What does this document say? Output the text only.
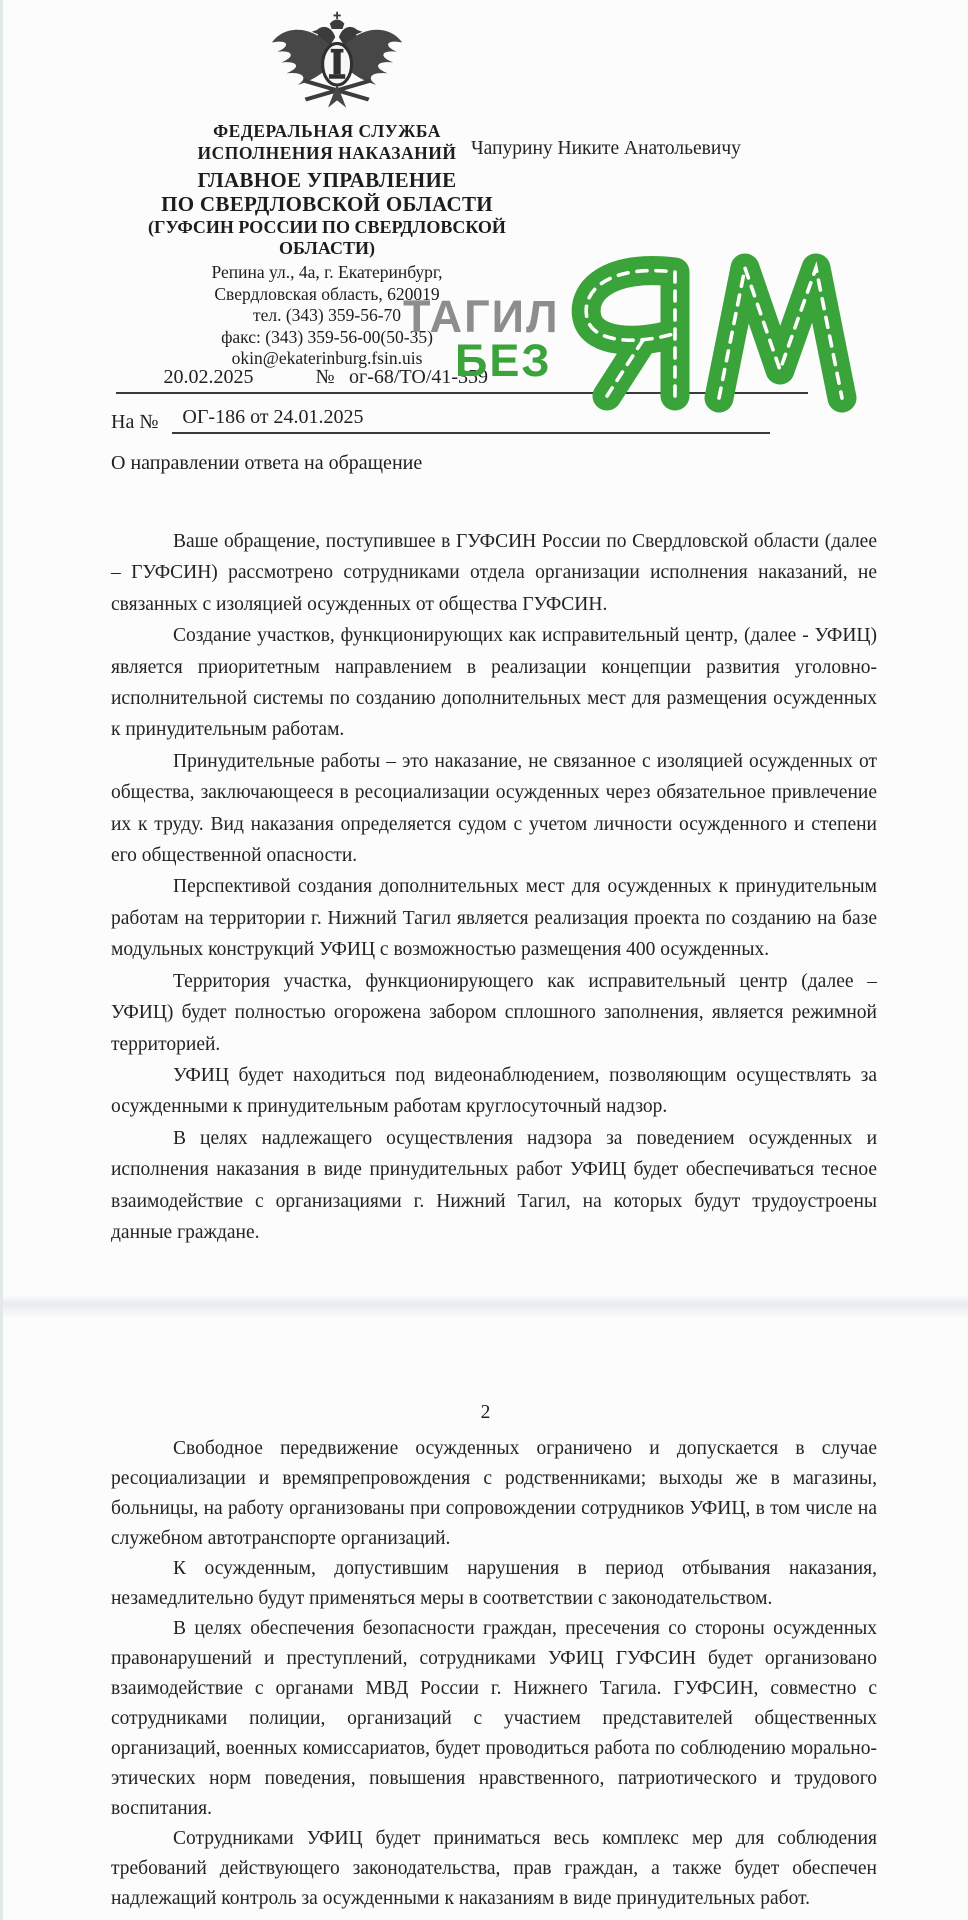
ФЕДЕРАЛЬНАЯ СЛУЖБА
ИСПОЛНЕНИЯ НАКАЗАНИЙ
ГЛАВНОЕ УПРАВЛЕНИЕ
ПО СВЕРДЛОВСКОЙ ОБЛАСТИ
(ГУФСИН РОССИИ ПО СВЕРДЛОВСКОЙ
ОБЛАСТИ)
Репина ул., 4а, г. Екатеринбург,
Свердловская область, 620019
тел. (343) 359-56-70
факс: (343) 359-56-00(50-35)
okin@ekaterinburg.fsin.uis
20.02.2025	№ ог-68/ТО/41-359
На №	ОГ-186 от 24.01.2025
Чапурину Никите Анатольевичу
ТАГИЛ
БЕЗ
О направлении ответа на обращение

Ваше обращение, поступившее в ГУФСИН России по Свердловской области (далее – ГУФСИН) рассмотрено сотрудниками отдела организации исполнения наказаний, не связанных с изоляцией осужденных от общества ГУФСИН.

Создание участков, функционирующих как исправительный центр, (далее - УФИЦ) является приоритетным направлением в реализации концепции развития уголовно-исполнительной системы по созданию дополнительных мест для размещения осужденных к принудительным работам.

Принудительные работы – это наказание, не связанное с изоляцией осужденных от общества, заключающееся в ресоциализации осужденных через обязательное привлечение их к труду. Вид наказания определяется судом с учетом личности осужденного и степени его общественной опасности.

Перспективой создания дополнительных мест для осужденных к принудительным работам на территории г. Нижний Тагил является реализация проекта по созданию на базе модульных конструкций УФИЦ с возможностью размещения 400 осужденных.

Территория участка, функционирующего как исправительный центр (далее – УФИЦ) будет полностью огорожена забором сплошного заполнения, является режимной территорией.

УФИЦ будет находиться под видеонаблюдением, позволяющим осуществлять за осужденными к принудительным работам круглосуточный надзор.

В целях надлежащего осуществления надзора за поведением осужденных и исполнения наказания в виде принудительных работ УФИЦ будет обеспечиваться тесное взаимодействие с организациями г. Нижний Тагил, на которых будут трудоустроены данные граждане.

2

Свободное передвижение осужденных ограничено и допускается в случае ресоциализации и времяпрепровождения с родственниками; выходы же в магазины, больницы, на работу организованы при сопровождении сотрудников УФИЦ, в том числе на служебном автотранспорте организаций.

К осужденным, допустившим нарушения в период отбывания наказания, незамедлительно будут применяться меры в соответствии с законодательством.

В целях обеспечения безопасности граждан, пресечения со стороны осужденных правонарушений и преступлений, сотрудниками УФИЦ ГУФСИН будет организовано взаимодействие с органами МВД России г. Нижнего Тагила. ГУФСИН, совместно с сотрудниками полиции, организаций с участием представителей общественных организаций, военных комиссариатов, будет проводиться работа по соблюдению морально-этических норм поведения, повышения нравственного, патриотического и трудового воспитания.

Сотрудниками УФИЦ будет приниматься весь комплекс мер для соблюдения требований действующего законодательства, прав граждан, а также будет обеспечен надлежащий контроль за осужденными к наказаниям в виде принудительных работ.
